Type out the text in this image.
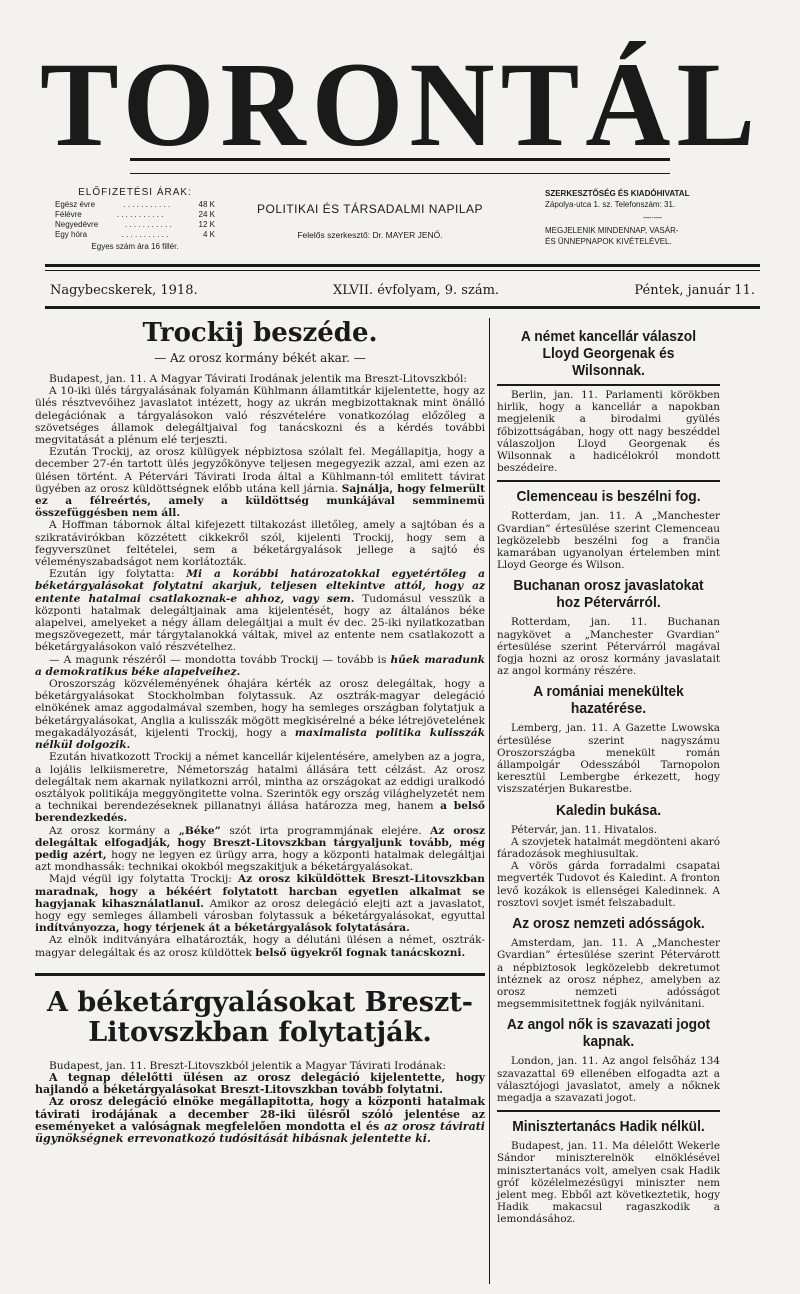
TORONTÁL
ELŐFIZETÉSI ÁRAK:
Egész évre	. . . . . . . . . . .	48 K
Félévre	. . . . . . . . . . .	24 K
Negyedévre	. . . . . . . . . . .	12 K
Egy hóra	. . . . . . . . . . .	4 K
Egyes szám ára 16 fillér.
POLITIKAI ÉS TÁRSADALMI NAPILAP
Felelős szerkesztő: Dr. MAYER JENŐ.
SZERKESZTŐSÉG ÉS KIADÓHIVATAL
Zápolya-utca 1. sz. Telefonszám: 31.
—·—
MEGJELENIK MINDENNAP, VASÁR-
ÉS ÜNNEPNAPOK KIVÉTELÉVEL.
Nagybecskerek, 1918.	XLVII. évfolyam, 9. szám.	Péntek, január 11.
Trockij beszéde.
— Az orosz kormány békét akar. —

Budapest, jan. 11. A Magyar Távirati Irodának jelentik ma Breszt-Litovszkból:

A 10-iki ülés tárgyalásának folyamán Kühlmann államtitkár kijelentette, hogy az ülés résztvevőihez javaslatot intézett, hogy az ukrán megbizottaknak mint önálló delegációnak a tárgyalásokon való részvételére vonatkozólag előzőleg a szövetséges államok delegáltjaival fog tanácskozni és a kérdés további megvitatását a plénum elé terjeszti.

Ezután Trockij, az orosz külügyek népbiztosa szólalt fel. Megállapitja, hogy a december 27-én tartott ülés jegyzőkönyve teljesen megegyezik azzal, ami ezen az ülésen történt. A Pétervári Távirati Iroda által a Kühlmann-tól emlitett távirat ügyében az orosz küldöttségnek előbb utána kell járnia. Sajnálja, hogy felmerült ez a félreértés, amely a küldöttség munkájával semminemü összefüggésben nem áll.

A Hoffman tábornok által kifejezett tiltakozást illetőleg, amely a sajtóban és a szikratávirókban közzétett cikkekről szól, kijelenti Trockij, hogy sem a fegyverszünet feltételei, sem a béketárgyalások jellege a sajtó és véleményszabadságot nem korlátozták.

Ezután igy folytatta: Mi a korábbi határozatokkal egyetértőleg a béketárgyalásokat folytatni akarjuk, teljesen eltekintve attól, hogy az entente hatalmai csatlakoznak-e ahhoz, vagy sem. Tudomásul vesszük a központi hatalmak delegáltjainak ama kijelentését, hogy az általános béke alapelvei, amelyeket a négy állam delegáltjai a mult év dec. 25-iki nyilatkozatban megszövegezett, már tárgytalanokká váltak, mivel az entente nem csatlakozott a béketárgyalásokon való részvételhez.

— A magunk részéről — mondotta tovább Trockij — tovább is hűek maradunk a demokratikus béke alapelveihez.

Oroszország közvéleményének óhajára kérték az orosz delegáltak, hogy a béketárgyalásokat Stockholmban folytassuk. Az osztrák-magyar delegáció elnökének amaz aggodalmával szemben, hogy ha semleges országban folytatjuk a béketárgyalásokat, Anglia a kulisszák mögött megkisérelné a béke létrejövetelének megakadályozását, kijelenti Trockij, hogy a maximalista politika kulisszák nélkül dolgozik.

Ezután hivatkozott Trockij a német kancellár kijelentésére, amelyben az a jogra, a lojális lelkiismeretre, Németország hatalmi állására tett célzást. Az orosz delegáltak nem akarnak nyilatkozni arról, mintha az országokat az eddigi uralkodó osztályok politikája meggyöngitette volna. Szerintök egy ország világhelyzetét nem a technikai berendezéseknek pillanatnyi állása határozza meg, hanem a belső berendezkedés.

Az orosz kormány a „Béke” szót irta programmjának elejére. Az orosz delegáltak elfogadják, hogy Breszt-Litovszkban tárgyaljunk tovább, még pedig azért, hogy ne legyen ez ürügy arra, hogy a központi hatalmak delegáltjai azt mondhassák: technikai okokból megszakitjuk a béketárgyalásokat.

Majd végül igy folytatta Trockij: Az orosz kiküldöttek Breszt-Litovszkban maradnak, hogy a békéért folytatott harcban egyetlen alkalmat se hagyjanak kihasználatlanul. Amikor az orosz delegáció elejti azt a javaslatot, hogy egy semleges állambeli városban folytassuk a béketárgyalásokat, egyuttal indítványozza, hogy térjenek át a béketárgyalások folytatására.

Az elnök inditványára elhatározták, hogy a délutáni ülésen a német, osztrák-magyar delegáltak és az orosz küldöttek belső ügyekről fognak tanácskozni.

A béketárgyalásokat Breszt-Litovszkban folytatják.

Budapest, jan. 11. Breszt-Litovszkból jelentik a Magyar Távirati Irodának:

A tegnap délelőtti ülésen az orosz delegáció kijelentette, hogy hajlandó a béketárgyalásokat Breszt-Litovszkban tovább folytatni.

Az orosz delegáció elnöke megállapitotta, hogy a központi hatalmak távirati irodájának a december 28-iki ülésről szóló jelentése az eseményeket a valóságnak megfelelően mondotta el és az orosz távirati ügynökségnek errevonatkozó tudósitását hibásnak jelentette ki.

A német kancellár válaszol Lloyd Georgenak és Wilsonnak.

Berlin, jan. 11. Parlamenti körökben hirlik, hogy a kancellár a napokban megjelenik a birodalmi gyülés főbizottságában, hogy ott nagy beszéddel válaszoljon Lloyd Georgenak és Wilsonnak a hadicélokról mondott beszédeire.

Clemenceau is beszélni fog.

Rotterdam, jan. 11. A „Manchester Gvardian” értesülése szerint Clemenceau legközelebb beszélni fog a franc̈ia kamarában ugyanolyan értelemben mint Lloyd George és Wilson.

Buchanan orosz javaslatokat hoz Pétervárról.

Rotterdam, jan. 11. Buchanan nagykövet a „Manchester Gvardian” értesülése szerint Pétervárról magával fogja hozni az orosz kormány javaslatait az angol kormány részére.

A romániai menekültek hazatérése.

Lemberg, jan. 11. A Gazette Lwowska értesülése szerint nagyszámu Oroszországba menekült román állampolgár Odesszából Tarnopolon keresztül Lembergbe érkezett, hogy viszszatérjen Bukarestbe.

Kaledin bukása.

Pétervár, jan. 11. Hivatalos.

A szovjetek hatalmát megdönteni akaró fáradozások meghiusultak.

A vörös gárda forradalmi csapatai megverték Tudovot és Kaledint. A fronton levő kozákok is ellenségei Kaledinnek. A rosztovi sovjet ismét felszabadult.

Az orosz nemzeti adósságok.

Amsterdam, jan. 11. A „Manchester Gvardian” értesülése szerint Pétervárott a népbiztosok legközelebb dekretumot intéznek az orosz néphez, amelyben az orosz nemzeti adósságot megsemmisitettnek fogják nyilvánitani.

Az angol nők is szavazati jogot kapnak.

London, jan. 11. Az angol felsőház 134 szavazattal 69 ellenében elfogadta azt a választójogi javaslatot, amely a nőknek megadja a szavazati jogot.

Minisztertanács Hadik nélkül.

Budapest, jan. 11. Ma délelőtt Wekerle Sándor miniszterelnök elnöklésével minisztertanács volt, amelyen csak Hadik gróf közélelmezésügyi miniszter nem jelent meg. Ebből azt következtetik, hogy Hadik makacsul ragaszkodik a lemondásához.
